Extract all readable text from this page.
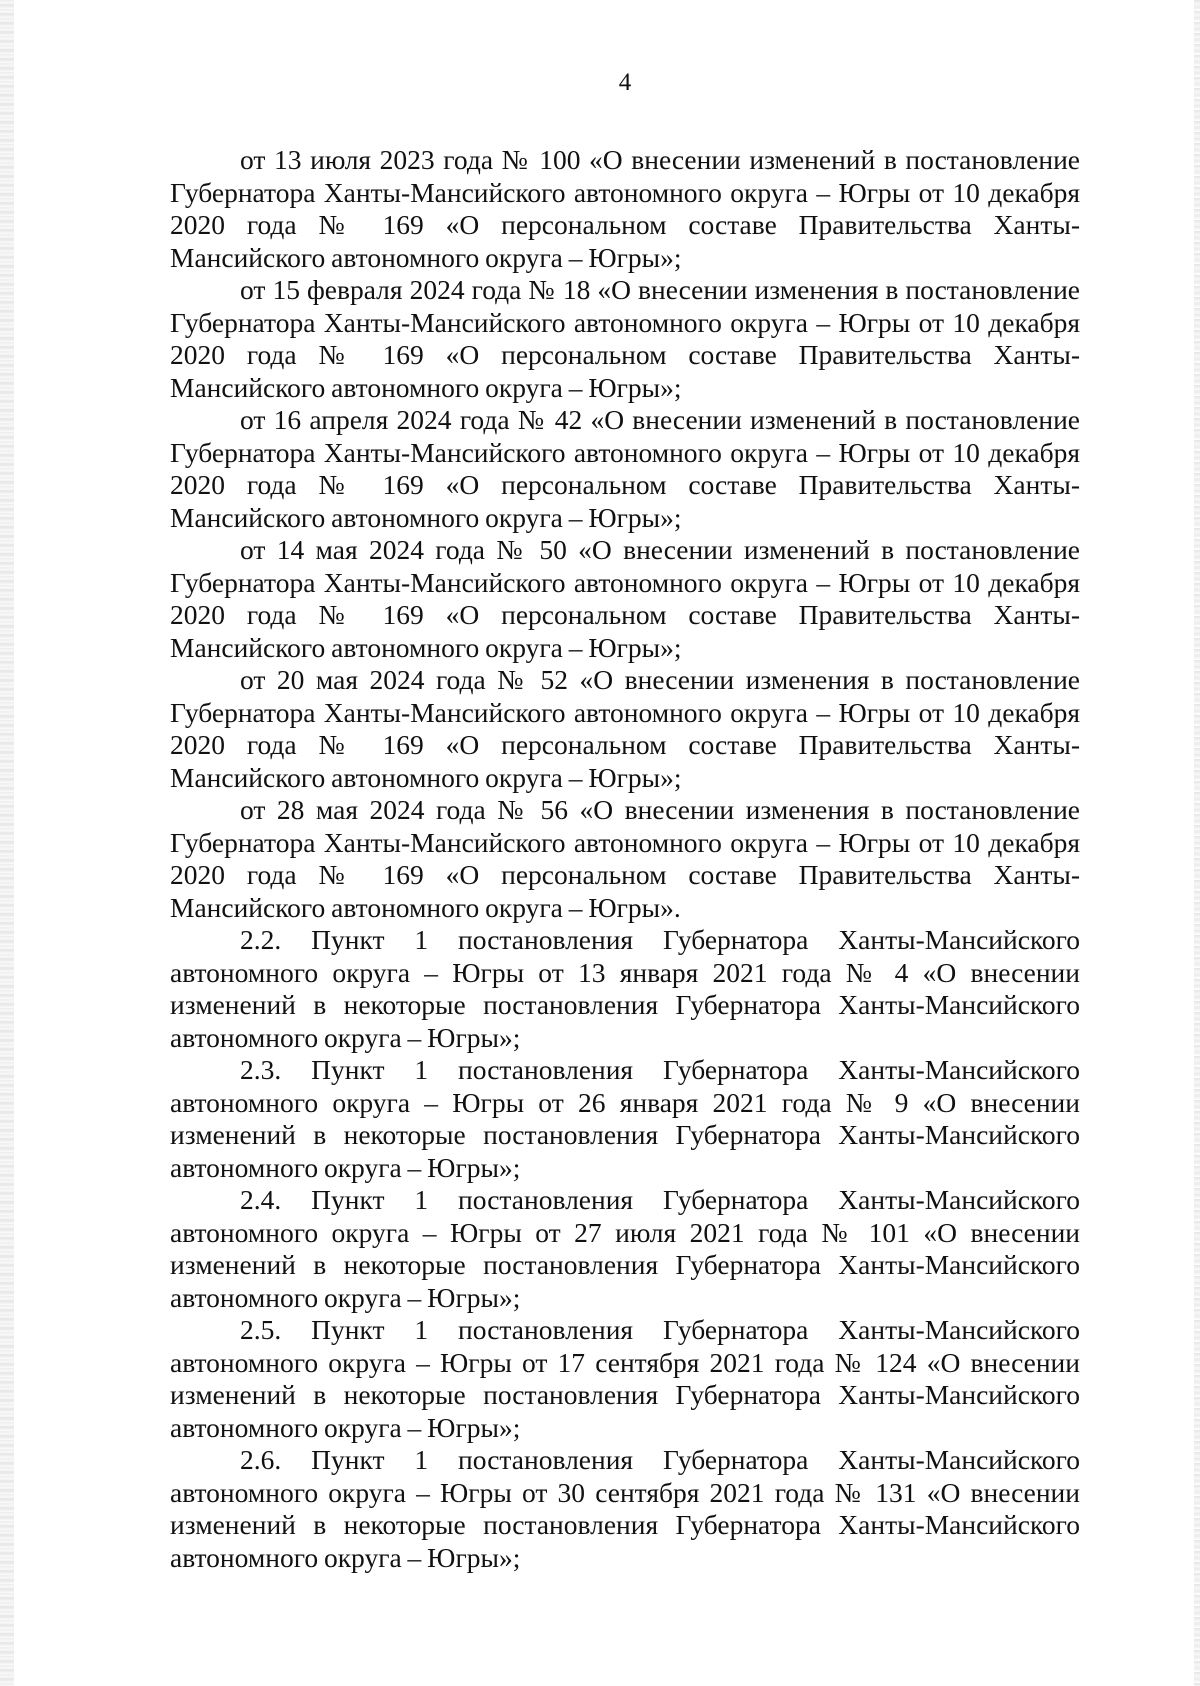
4

от 13 июля 2023 года № 100 «О внесении изменений в постановление Губернатора Ханты-Мансийского автономного округа – Югры от 10 декабря 2020 года № 169 «О персональном составе Правительства Ханты-Мансийского автономного округа – Югры»;

от 15 февраля 2024 года № 18 «О внесении изменения в постановление Губернатора Ханты-Мансийского автономного округа – Югры от 10 декабря 2020 года № 169 «О персональном составе Правительства Ханты-Мансийского автономного округа – Югры»;

от 16 апреля 2024 года № 42 «О внесении изменений в постановление Губернатора Ханты-Мансийского автономного округа – Югры от 10 декабря 2020 года № 169 «О персональном составе Правительства Ханты-Мансийского автономного округа – Югры»;

от 14 мая 2024 года № 50 «О внесении изменений в постановление Губернатора Ханты-Мансийского автономного округа – Югры от 10 декабря 2020 года № 169 «О персональном составе Правительства Ханты-Мансийского автономного округа – Югры»;

от 20 мая 2024 года № 52 «О внесении изменения в постановление Губернатора Ханты-Мансийского автономного округа – Югры от 10 декабря 2020 года № 169 «О персональном составе Правительства Ханты-Мансийского автономного округа – Югры»;

от 28 мая 2024 года № 56 «О внесении изменения в постановление Губернатора Ханты-Мансийского автономного округа – Югры от 10 декабря 2020 года № 169 «О персональном составе Правительства Ханты-Мансийского автономного округа – Югры».

2.2. Пункт 1 постановления Губернатора Ханты-Мансийского автономного округа – Югры от 13 января 2021 года № 4 «О внесении изменений в некоторые постановления Губернатора Ханты-Мансийского автономного округа – Югры»;

2.3. Пункт 1 постановления Губернатора Ханты-Мансийского автономного округа – Югры от 26 января 2021 года № 9 «О внесении изменений в некоторые постановления Губернатора Ханты-Мансийского автономного округа – Югры»;

2.4. Пункт 1 постановления Губернатора Ханты-Мансийского автономного округа – Югры от 27 июля 2021 года № 101 «О внесении изменений в некоторые постановления Губернатора Ханты-Мансийского автономного округа – Югры»;

2.5. Пункт 1 постановления Губернатора Ханты-Мансийского автономного округа – Югры от 17 сентября 2021 года № 124 «О внесении изменений в некоторые постановления Губернатора Ханты-Мансийского автономного округа – Югры»;

2.6. Пункт 1 постановления Губернатора Ханты-Мансийского автономного округа – Югры от 30 сентября 2021 года № 131 «О внесении изменений в некоторые постановления Губернатора Ханты-Мансийского автономного округа – Югры»;
